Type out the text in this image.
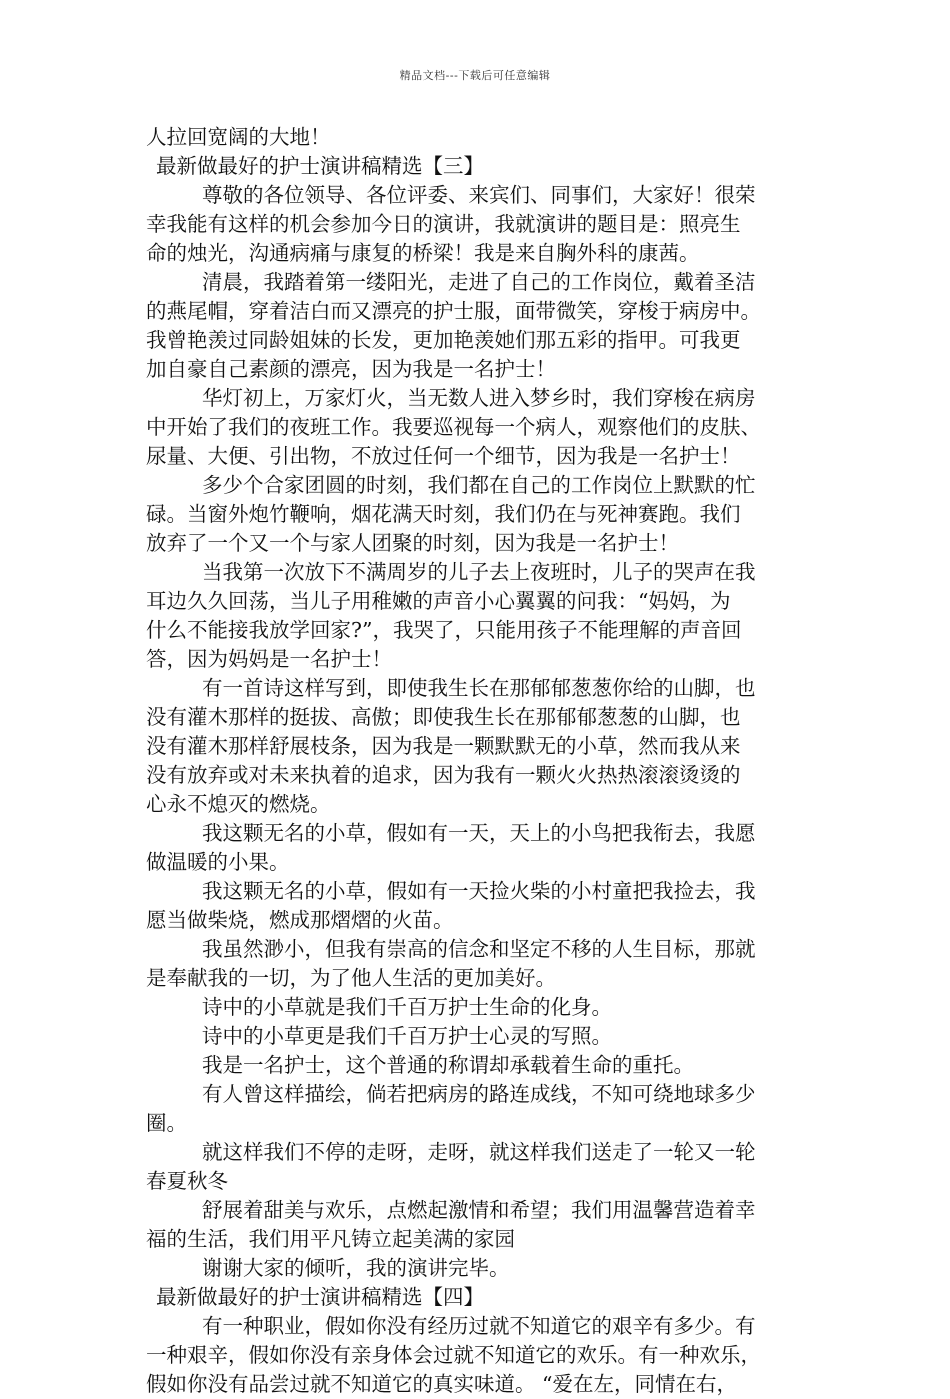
精品文档---下载后可任意编辑
人拉回宽阔的大地！
最新做最好的护士演讲稿精选【三】
尊敬的各位领导、各位评委、来宾们、同事们，大家好！很荣
幸我能有这样的机会参加今日的演讲，我就演讲的题目是：照亮生
命的烛光，沟通病痛与康复的桥梁！我是来自胸外科的康茜。
清晨，我踏着第一缕阳光，走进了自己的工作岗位，戴着圣洁
的燕尾帽，穿着洁白而又漂亮的护士服，面带微笑，穿梭于病房中。
我曾艳羡过同龄姐妹的长发，更加艳羡她们那五彩的指甲。可我更
加自豪自己素颜的漂亮，因为我是一名护士！
华灯初上，万家灯火，当无数人进入梦乡时，我们穿梭在病房
中开始了我们的夜班工作。我要巡视每一个病人，观察他们的皮肤、
尿量、大便、引出物，不放过任何一个细节，因为我是一名护士！
多少个合家团圆的时刻，我们都在自己的工作岗位上默默的忙
碌。当窗外炮竹鞭响，烟花满天时刻，我们仍在与死神赛跑。我们
放弃了一个又一个与家人团聚的时刻，因为我是一名护士！
当我第一次放下不满周岁的儿子去上夜班时，儿子的哭声在我
耳边久久回荡，当儿子用稚嫩的声音小心翼翼的问我：“妈妈，为
什么不能接我放学回家?”，我哭了，只能用孩子不能理解的声音回
答，因为妈妈是一名护士！
有一首诗这样写到，即使我生长在那郁郁葱葱你给的山脚，也
没有灌木那样的挺拔、高傲；即使我生长在那郁郁葱葱的山脚，也
没有灌木那样舒展枝条，因为我是一颗默默无的小草，然而我从来
没有放弃或对未来执着的追求，因为我有一颗火火热热滚滚烫烫的
心永不熄灭的燃烧。
我这颗无名的小草，假如有一天，天上的小鸟把我衔去，我愿
做温暖的小果。
我这颗无名的小草，假如有一天捡火柴的小村童把我捡去，我
愿当做柴烧，燃成那熠熠的火苗。
我虽然渺小，但我有崇高的信念和坚定不移的人生目标，那就
是奉献我的一切，为了他人生活的更加美好。
诗中的小草就是我们千百万护士生命的化身。
诗中的小草更是我们千百万护士心灵的写照。
我是一名护士，这个普通的称谓却承载着生命的重托。
有人曾这样描绘，倘若把病房的路连成线，不知可绕地球多少
圈。
就这样我们不停的走呀，走呀，就这样我们送走了一轮又一轮
春夏秋冬
舒展着甜美与欢乐，点燃起激情和希望；我们用温馨营造着幸
福的生活，我们用平凡铸立起美满的家园
谢谢大家的倾听，我的演讲完毕。
最新做最好的护士演讲稿精选【四】
有一种职业，假如你没有经历过就不知道它的艰辛有多少。有
一种艰辛，假如你没有亲身体会过就不知道它的欢乐。有一种欢乐，
假如你没有品尝过就不知道它的真实味道。 “爱在左，同情在右，
